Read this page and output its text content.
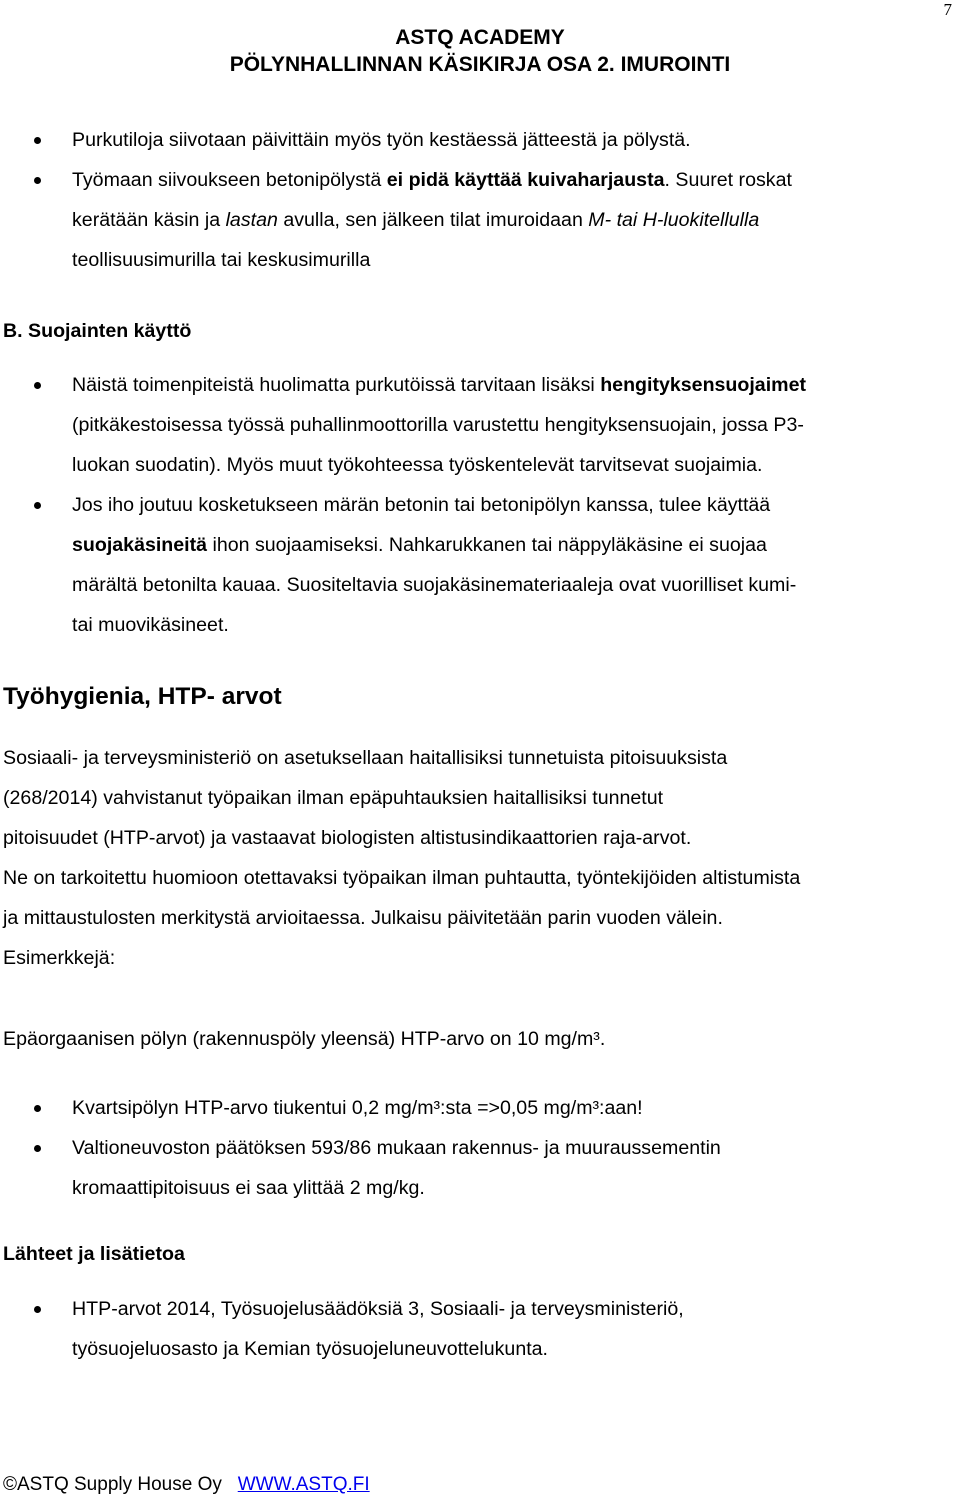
7
ASTQ ACADEMY
PÖLYNHALLINNAN KÄSIKIRJA OSA 2. IMUROINTI
Purkutiloja siivotaan päivittäin myös työn kestäessä jätteestä ja pölystä.
Työmaan siivoukseen betonipölystä ei pidä käyttää kuivaharjausta. Suuret roskat
kerätään käsin ja lastan avulla, sen jälkeen tilat imuroidaan M- tai H-luokitellulla
teollisuusimurilla tai keskusimurilla
B. Suojainten käyttö
Näistä toimenpiteistä huolimatta purkutöissä tarvitaan lisäksi hengityksensuojaimet
(pitkäkestoisessa työssä puhallinmoottorilla varustettu hengityksensuojain, jossa P3-
luokan suodatin). Myös muut työkohteessa työskentelevät tarvitsevat suojaimia.
Jos iho joutuu kosketukseen märän betonin tai betonipölyn kanssa, tulee käyttää
suojakäsineitä ihon suojaamiseksi. Nahkarukkanen tai näppyläkäsine ei suojaa
märältä betonilta kauaa. Suositeltavia suojakäsinemateriaaleja ovat vuorilliset kumi-
tai muovikäsineet.
Työhygienia, HTP- arvot
Sosiaali- ja terveysministeriö on asetuksellaan haitallisiksi tunnetuista pitoisuuksista
(268/2014) vahvistanut työpaikan ilman epäpuhtauksien haitallisiksi tunnetut
pitoisuudet (HTP-arvot) ja vastaavat biologisten altistusindikaattorien raja-arvot.
Ne on tarkoitettu huomioon otettavaksi työpaikan ilman puhtautta, työntekijöiden altistumista
ja mittaustulosten merkitystä arvioitaessa. Julkaisu päivitetään parin vuoden välein.
Esimerkkejä:
Epäorgaanisen pölyn (rakennuspöly yleensä) HTP-arvo on 10 mg/m³.
Kvartsipölyn HTP-arvo tiukentui 0,2 mg/m³:sta =>0,05 mg/m³:aan!
Valtioneuvoston päätöksen 593/86 mukaan rakennus- ja muuraussementin
kromaattipitoisuus ei saa ylittää 2 mg/kg.
Lähteet ja lisätietoa
HTP-arvot 2014, Työsuojelusäädöksiä 3, Sosiaali- ja terveysministeriö,
työsuojeluosasto ja Kemian työsuojeluneuvottelukunta.
©ASTQ Supply House Oy WWW.ASTQ.FI
